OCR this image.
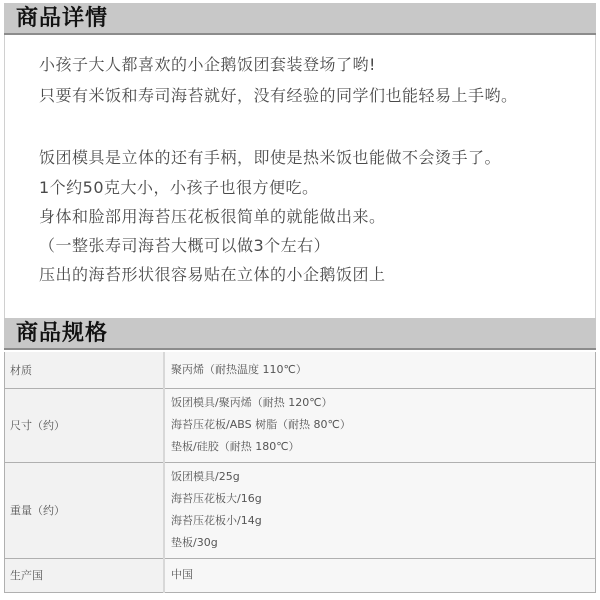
商品详情
小孩子大人都喜欢的小企鹅饭团套装登场了哟!
只要有米饭和寿司海苔就好，没有经验的同学们也能轻易上手哟。
饭团模具是立体的还有手柄，即使是热米饭也能做不会烫手了。
1个约50克大小，小孩子也很方便吃。
身体和脸部用海苔压花板很简单的就能做出来。
（一整张寿司海苔大概可以做3个左右）
压出的海苔形状很容易贴在立体的小企鹅饭团上
商品规格
材质	聚丙烯（耐热温度 110℃）

尺寸（约）	饭团模具/聚丙烯（耐热 120℃）
海苔压花板/ABS 树脂（耐热 80℃）
垫板/硅胶（耐热 180℃）

重量（约）	饭团模具/25g
海苔压花板大/16g
海苔压花板小/14g
垫板/30g

生产国	中国
